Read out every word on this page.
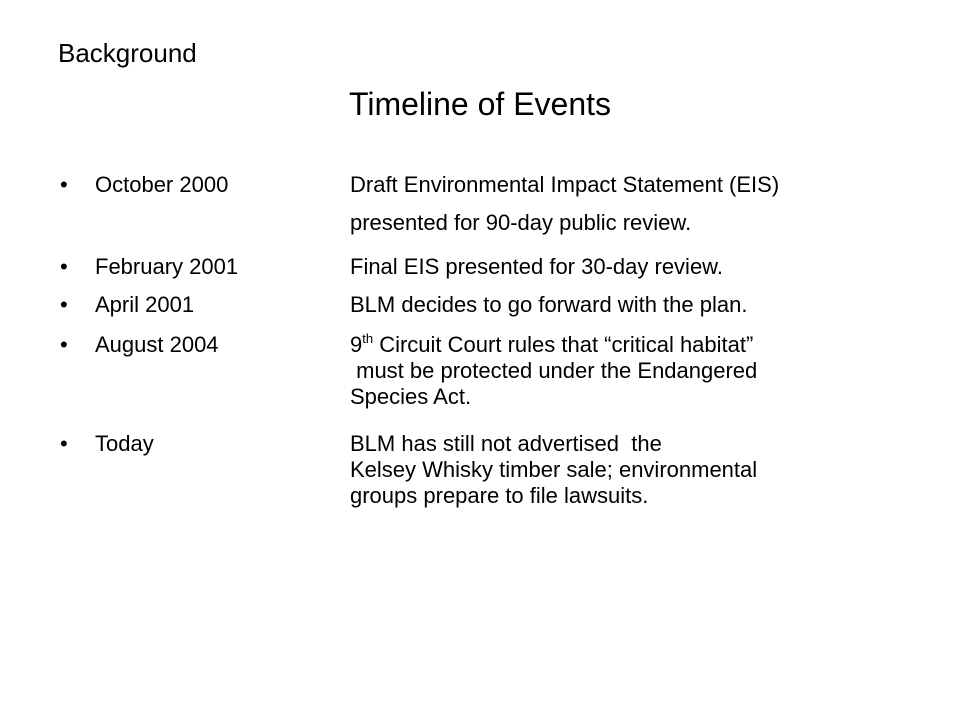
Background
Timeline of Events
•	October 2000	Draft Environmental Impact Statement (EIS)
presented for 90-day public review.
•	February 2001	Final EIS presented for 30-day review.
•	April 2001	BLM decides to go forward with the plan.
•	August 2004	9th Circuit Court rules that “critical habitat”
must be protected under the Endangered
Species Act.
•	Today	BLM has still not advertised  the
Kelsey Whisky timber sale; environmental
groups prepare to file lawsuits.
